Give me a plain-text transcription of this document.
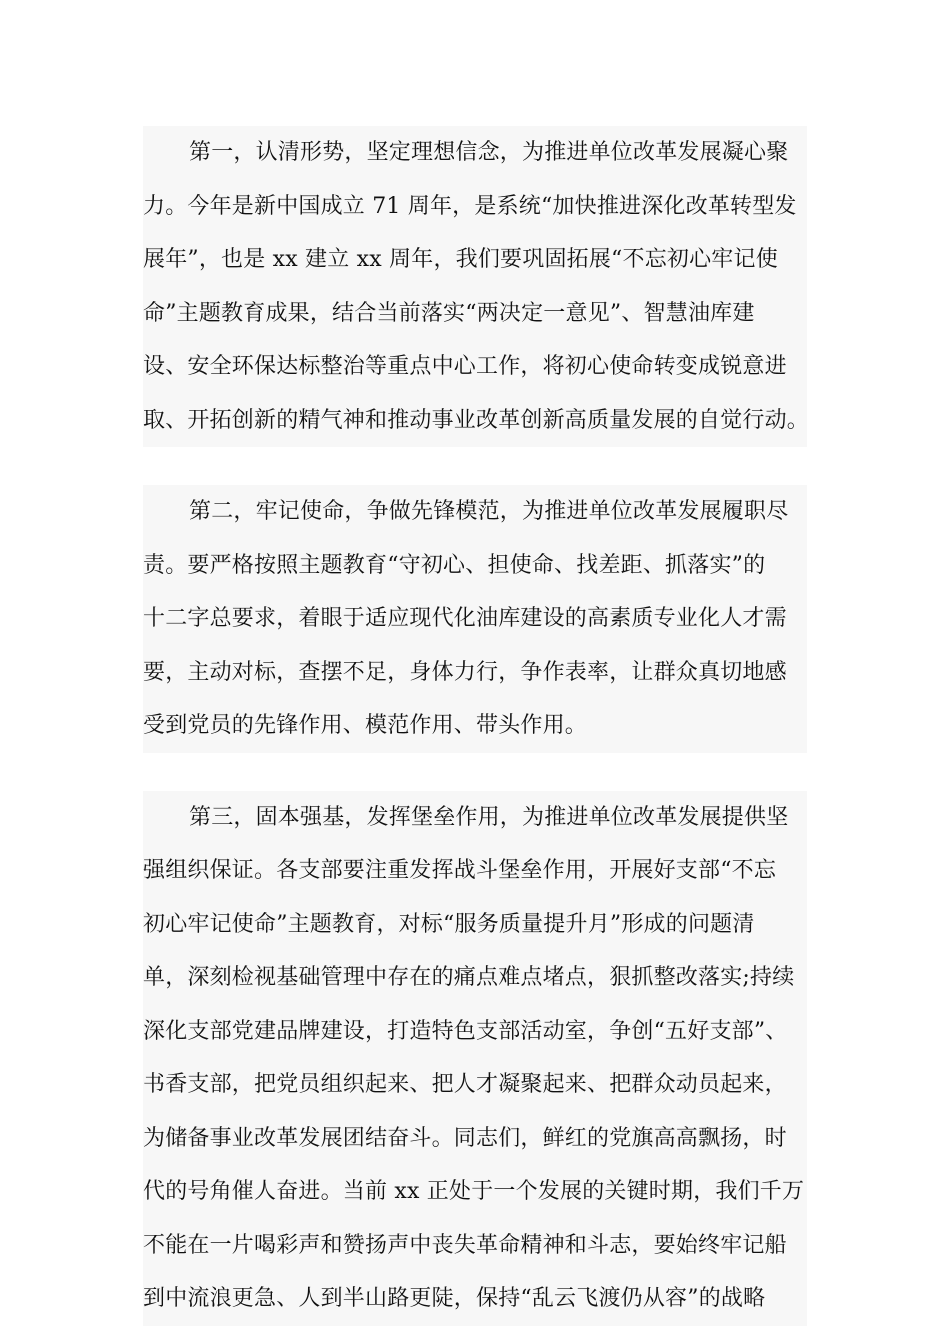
第一，认清形势，坚定理想信念，为推进单位改革发展凝心聚
力。今年是新中国成立 71 周年，是系统“加快推进深化改革转型发
展年”，也是 xx 建立 xx 周年，我们要巩固拓展“不忘初心牢记使
命”主题教育成果，结合当前落实“两决定一意见”、智慧油库建
设、安全环保达标整治等重点中心工作，将初心使命转变成锐意进
取、开拓创新的精气神和推动事业改革创新高质量发展的自觉行动。
第二，牢记使命，争做先锋模范，为推进单位改革发展履职尽
责。要严格按照主题教育“守初心、担使命、找差距、抓落实”的
十二字总要求，着眼于适应现代化油库建设的高素质专业化人才需
要，主动对标，查摆不足，身体力行，争作表率，让群众真切地感
受到党员的先锋作用、模范作用、带头作用。
第三，固本强基，发挥堡垒作用，为推进单位改革发展提供坚
强组织保证。各支部要注重发挥战斗堡垒作用，开展好支部“不忘
初心牢记使命”主题教育，对标“服务质量提升月”形成的问题清
单，深刻检视基础管理中存在的痛点难点堵点，狠抓整改落实;持续
深化支部党建品牌建设，打造特色支部活动室，争创“五好支部”、
书香支部，把党员组织起来、把人才凝聚起来、把群众动员起来，
为储备事业改革发展团结奋斗。同志们，鲜红的党旗高高飘扬，时
代的号角催人奋进。当前 xx 正处于一个发展的关键时期，我们千万
不能在一片喝彩声和赞扬声中丧失革命精神和斗志，要始终牢记船
到中流浪更急、人到半山路更陡，保持“乱云飞渡仍从容”的战略
